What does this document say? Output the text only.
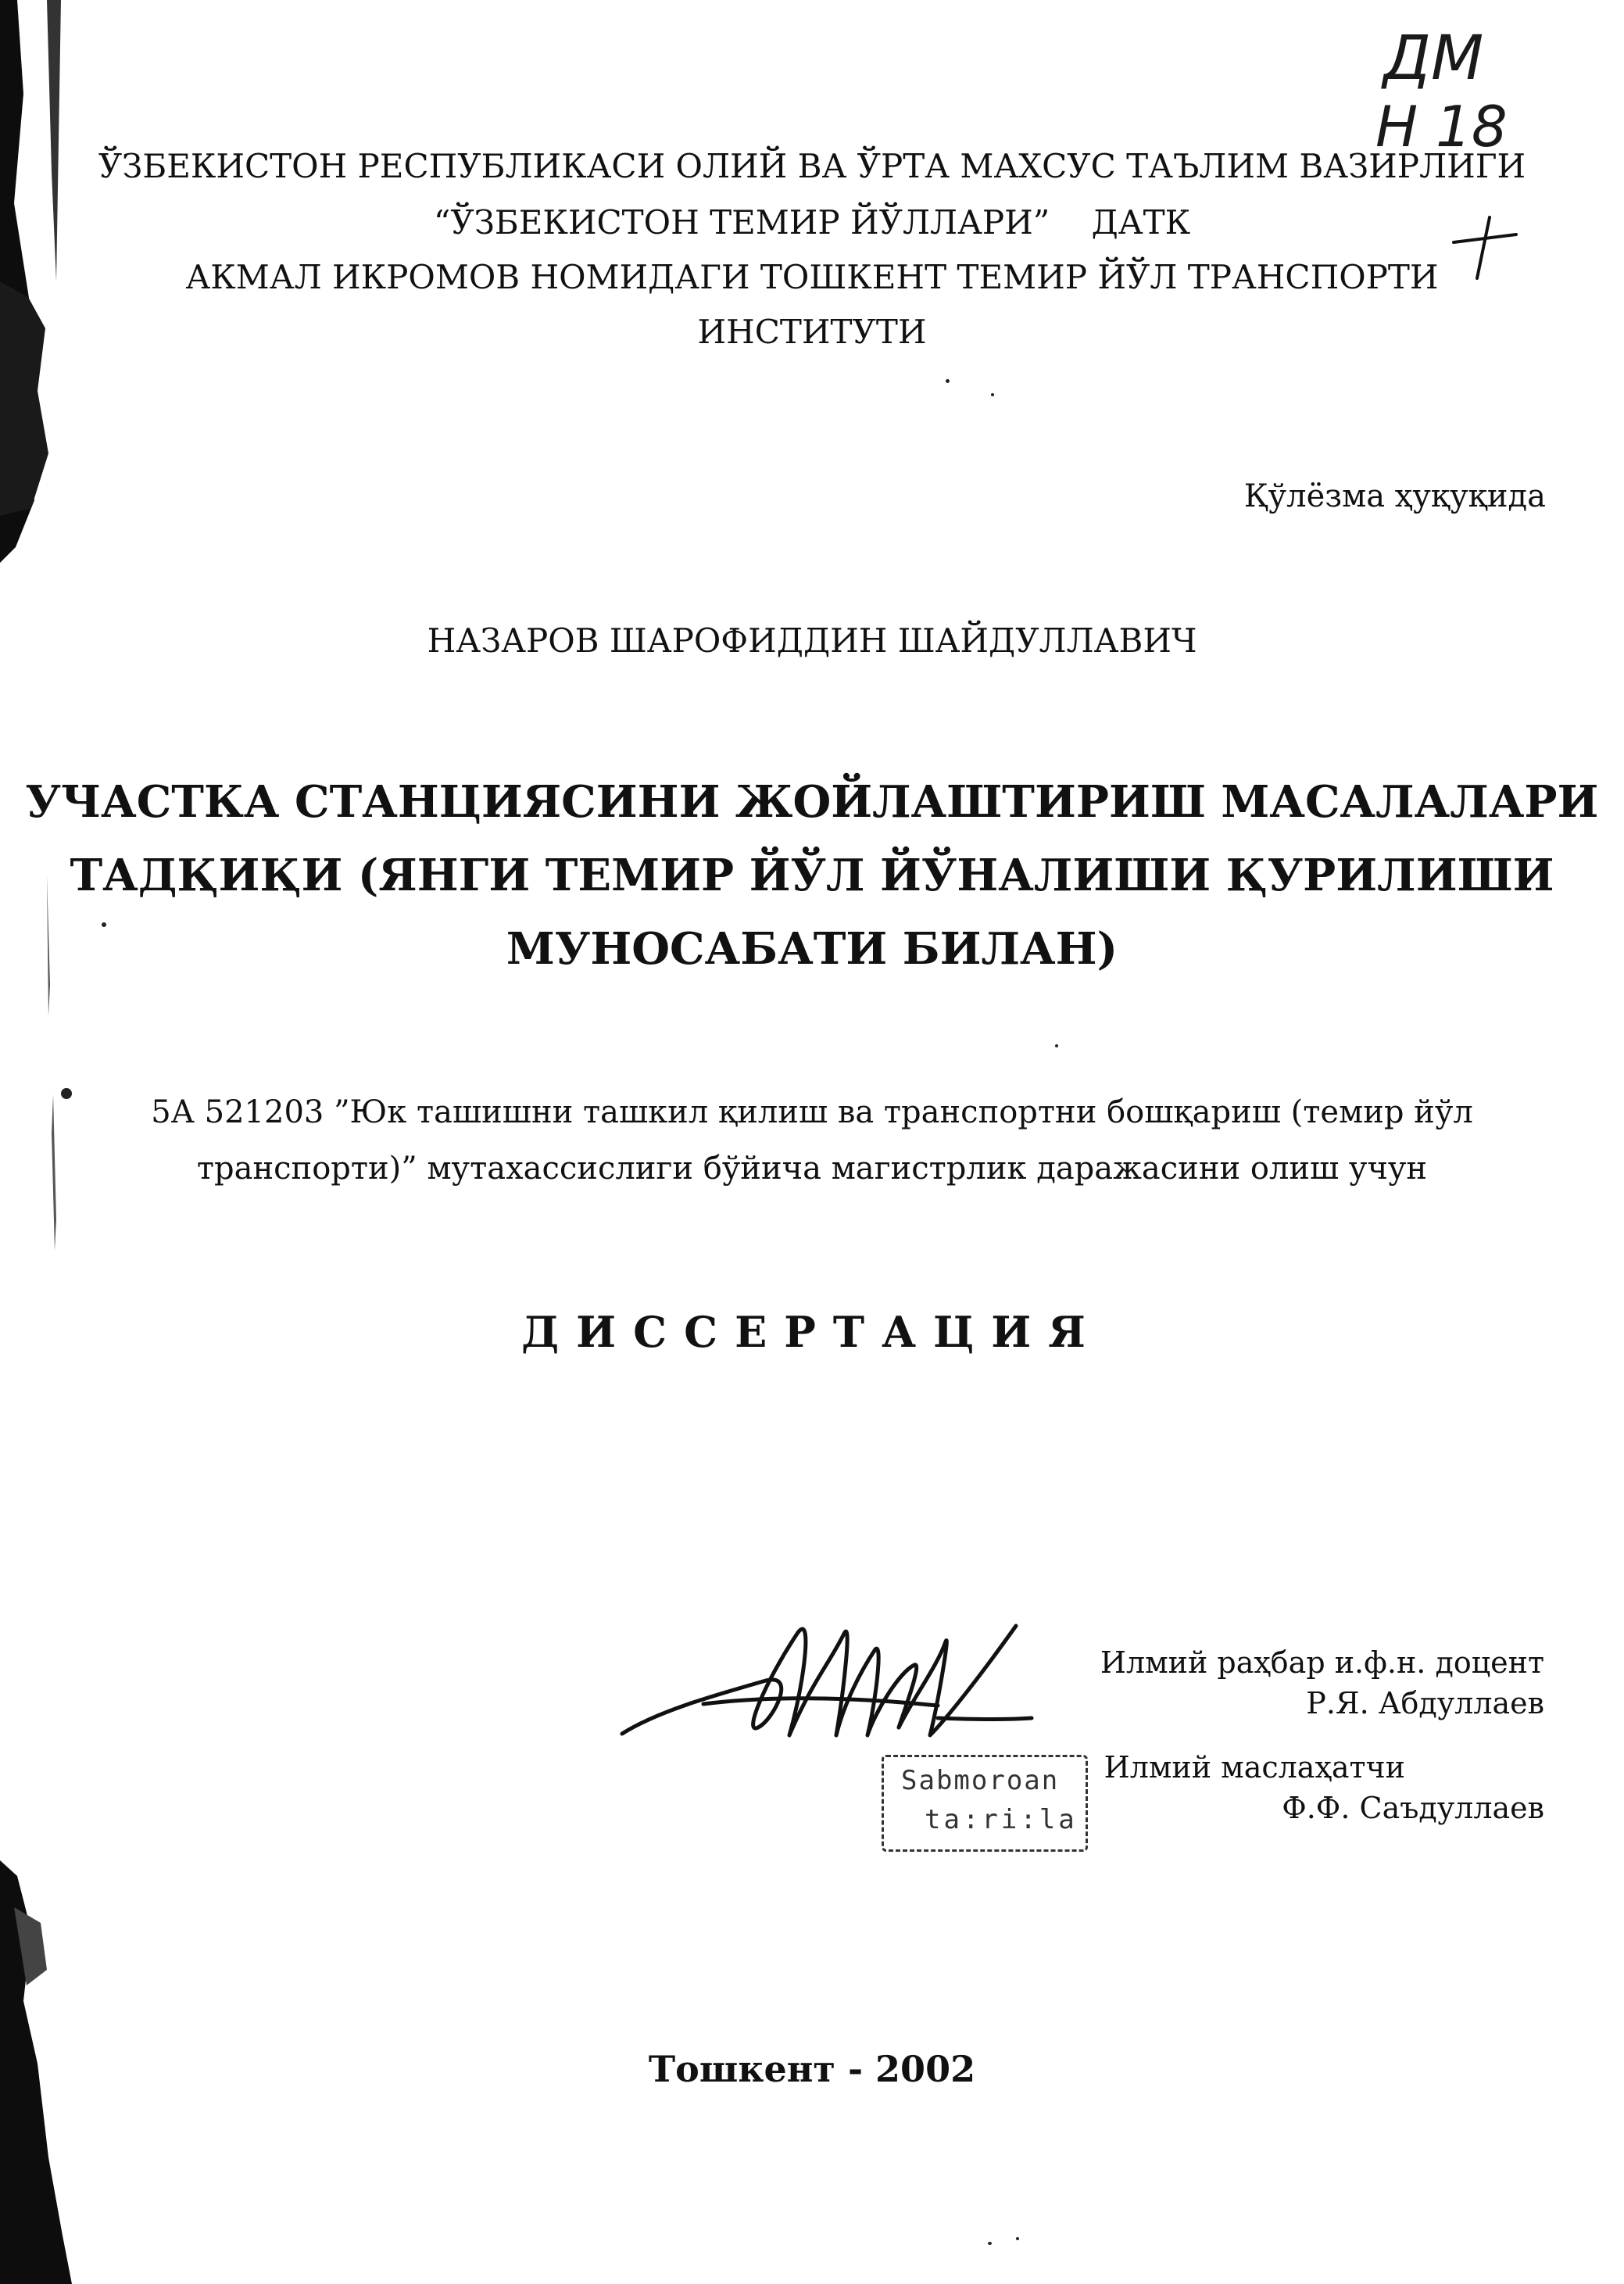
ЎЗБЕКИСТОН РЕСПУБЛИКАСИ ОЛИЙ ВА ЎРТА МАХСУС ТАЪЛИМ ВАЗИРЛИГИ
“ЎЗБЕКИСТОН ТЕМИР ЙЎЛЛАРИ”    ДАТК
АКМАЛ ИКРОМОВ НОМИДАГИ ТОШКЕНТ ТЕМИР ЙЎЛ ТРАНСПОРТИ
ИНСТИТУТИ
Қўлёзма ҳуқуқида
НАЗАРОВ ШАРОФИДДИН ШАЙДУЛЛАВИЧ
УЧАСТКА СТАНЦИЯСИНИ ЖОЙЛАШТИРИШ МАСАЛАЛАРИ
ТАДҚИҚИ (ЯНГИ ТЕМИР ЙЎЛ ЙЎНАЛИШИ ҚУРИЛИШИ
МУНОСАБАТИ БИЛАН)
5А 521203 ”Юк ташишни ташкил қилиш ва транспортни бошқариш (темир йўл
транспорти)” мутахассислиги бўйича магистрлик даражасини олиш учун
ДИССЕРТАЦИЯ
Sabmoroan
ta:ri:la
Илмий раҳбар и.ф.н. доцент
Р.Я. Абдуллаев
Илмий маслаҳатчи
Ф.Ф. Саъдуллаев
ДМ
Н 18
Тошкент - 2002
